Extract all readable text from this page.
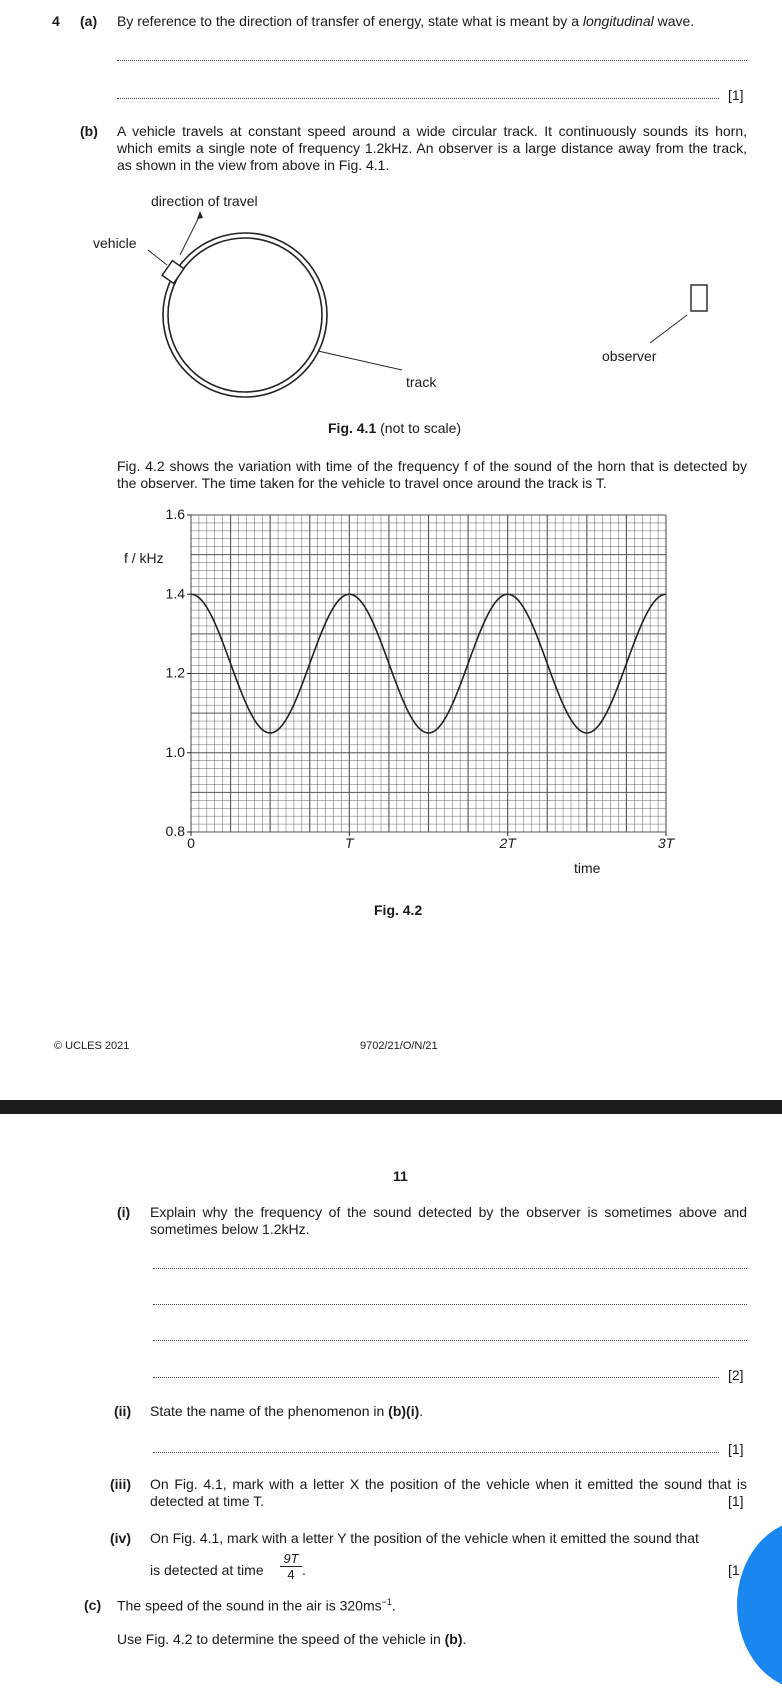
4 (a) By reference to the direction of transfer of energy, state what is meant by a longitudinal wave.
[1]
(b) A vehicle travels at constant speed around a wide circular track. It continuously sounds its horn, which emits a single note of frequency 1.2kHz. An observer is a large distance away from the track, as shown in the view from above in Fig. 4.1.
direction of travel
vehicle
track
observer
Fig. 4.1 (not to scale)
Fig. 4.2 shows the variation with time of the frequency f of the sound of the horn that is detected by the observer. The time taken for the vehicle to travel once around the track is T.
0.8
1.0
1.2
1.4
1.6
0	T	2T	3T
f / kHz
time
Fig. 4.2
© UCLES 2021	9702/21/O/N/21
11
(i) Explain why the frequency of the sound detected by the observer is sometimes above and sometimes below 1.2kHz.
[2]
(ii) State the name of the phenomenon in (b)(i).
[1]
(iii) On Fig. 4.1, mark with a letter X the position of the vehicle when it emitted the sound that is detected at time T.	[1]
(iv) On Fig. 4.1, mark with a letter Y the position of the vehicle when it emitted the sound that
is detected at time
9T
4 .	[1
(c) The speed of the sound in the air is $320ms^{-1}$.
Use Fig. 4.2 to determine the speed of the vehicle in (b).
